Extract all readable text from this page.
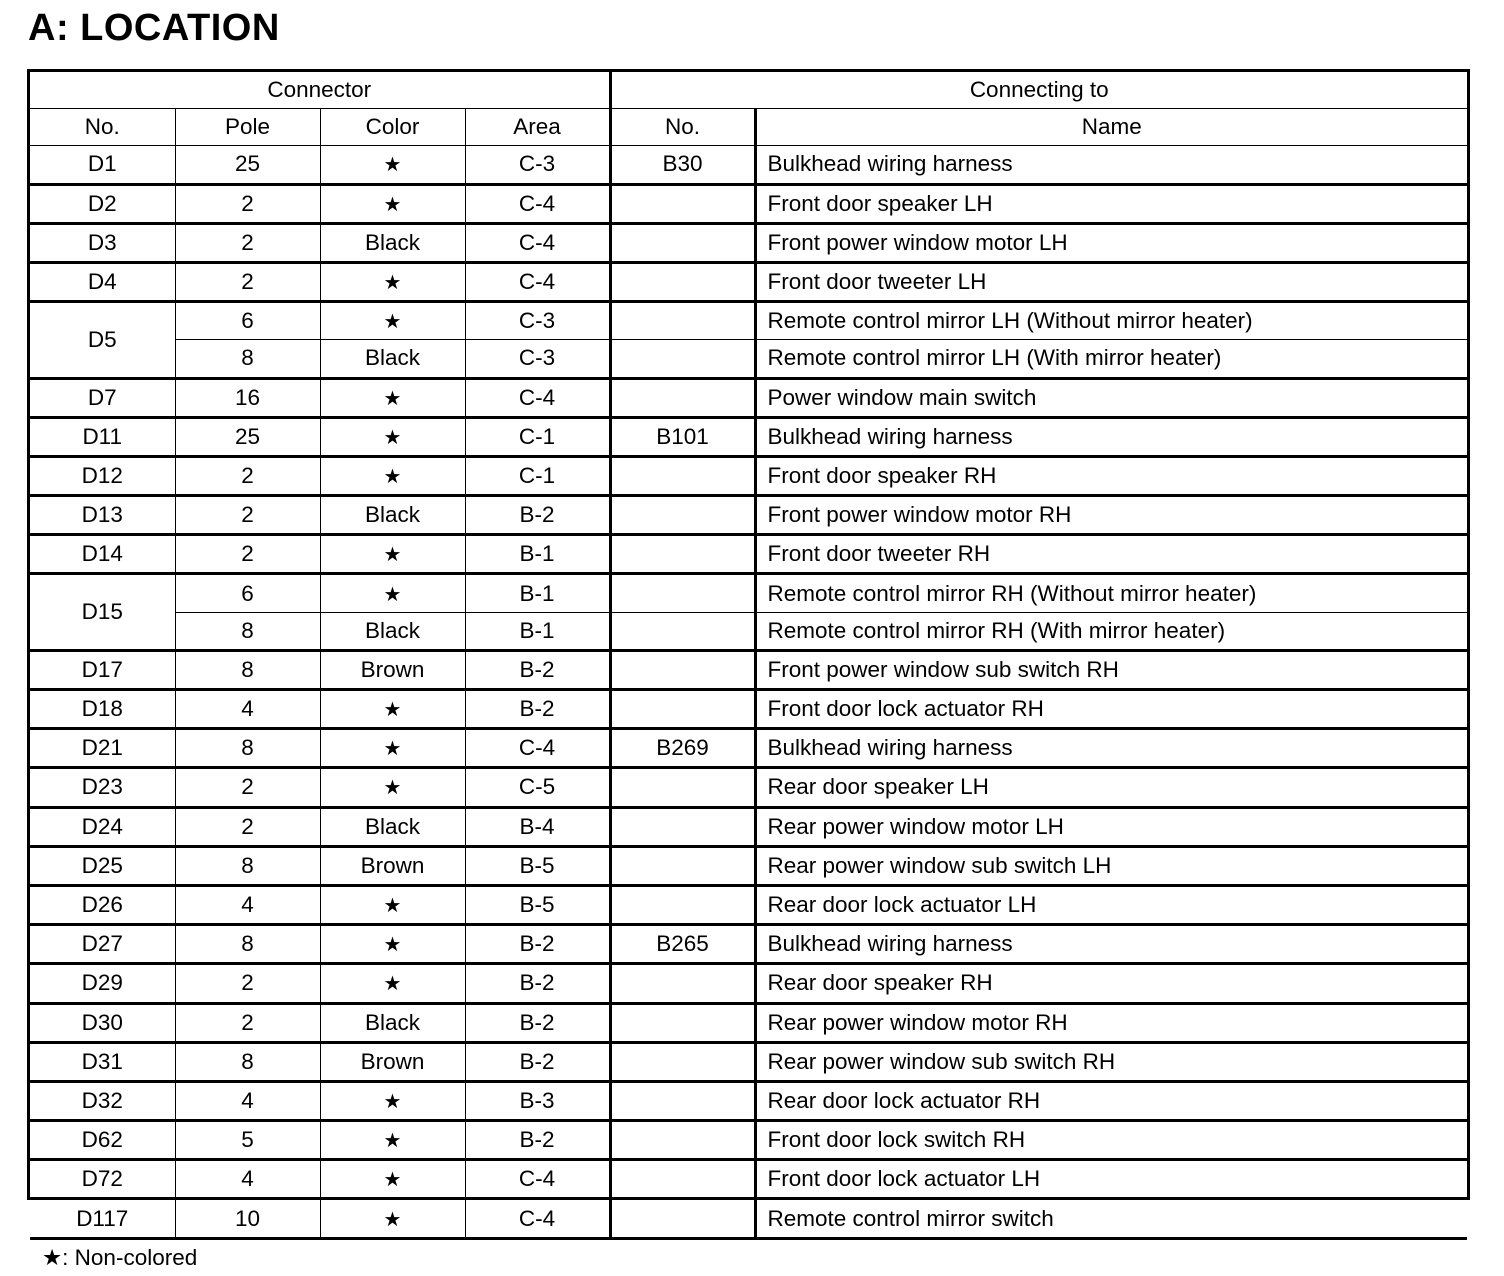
A: LOCATION
Connector				Connecting to	
No.	Pole	Color	Area	No.	Name
D1	25	★	C-3	B30	Bulkhead wiring harness
D2	2	★	C-4		Front door speaker LH
D3	2	Black	C-4		Front power window motor LH
D4	2	★	C-4		Front door tweeter LH
D5	6	★	C-3		Remote control mirror LH (Without mirror heater)
	8	Black	C-3		Remote control mirror LH (With mirror heater)
D7	16	★	C-4		Power window main switch
D11	25	★	C-1	B101	Bulkhead wiring harness
D12	2	★	C-1		Front door speaker RH
D13	2	Black	B-2		Front power window motor RH
D14	2	★	B-1		Front door tweeter RH
D15	6	★	B-1		Remote control mirror RH (Without mirror heater)
	8	Black	B-1		Remote control mirror RH (With mirror heater)
D17	8	Brown	B-2		Front power window sub switch RH
D18	4	★	B-2		Front door lock actuator RH
D21	8	★	C-4	B269	Bulkhead wiring harness
D23	2	★	C-5		Rear door speaker LH
D24	2	Black	B-4		Rear power window motor LH
D25	8	Brown	B-5		Rear power window sub switch LH
D26	4	★	B-5		Rear door lock actuator LH
D27	8	★	B-2	B265	Bulkhead wiring harness
D29	2	★	B-2		Rear door speaker RH
D30	2	Black	B-2		Rear power window motor RH
D31	8	Brown	B-2		Rear power window sub switch RH
D32	4	★	B-3		Rear door lock actuator RH
D62	5	★	B-2		Front door lock switch RH
D72	4	★	C-4		Front door lock actuator LH
D117	10	★	C-4		Remote control mirror switch
★: Non-colored					
